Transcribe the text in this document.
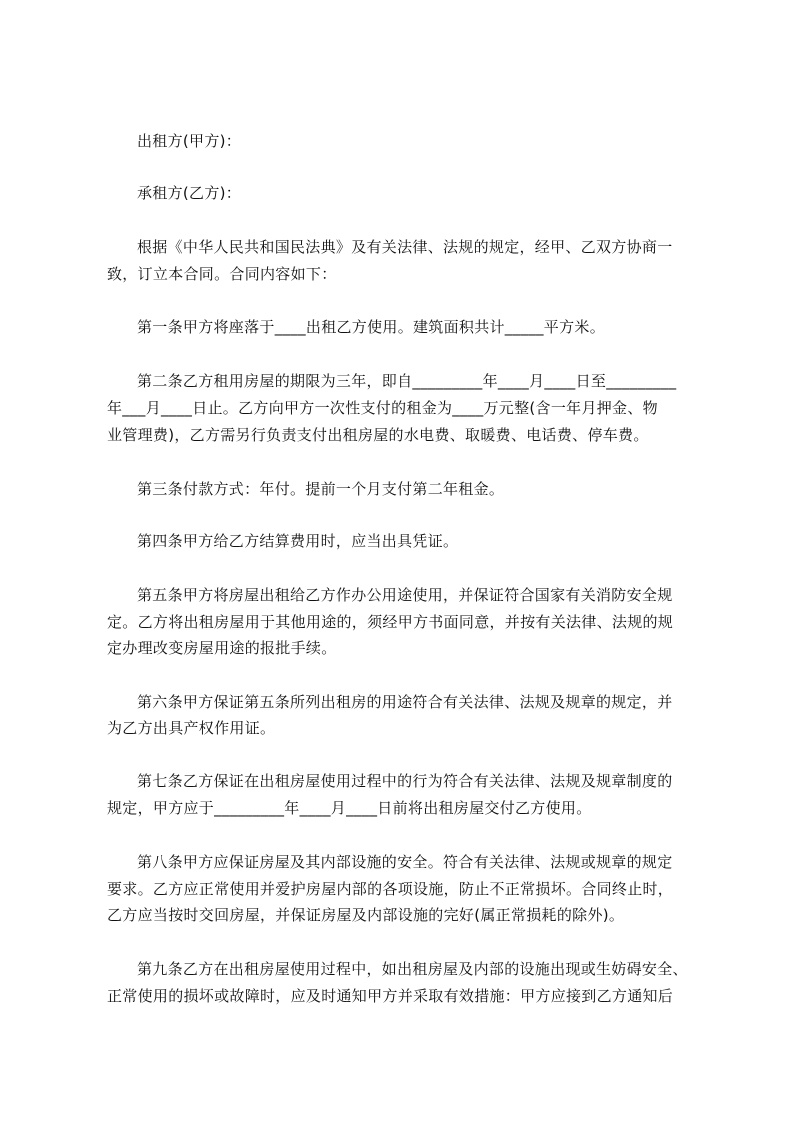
出租方(甲方)：
承租方(乙方)：
根据《中华人民共和国民法典》及有关法律、法规的规定，经甲、乙双方协商一
致，订立本合同。合同内容如下：
第一条甲方将座落于____出租乙方使用。建筑面积共计_____平方米。
第二条乙方租用房屋的期限为三年，即自_________年____月____日至_________
年___月____日止。乙方向甲方一次性支付的租金为____万元整(含一年月押金、物
业管理费)，乙方需另行负责支付出租房屋的水电费、取暖费、电话费、停车费。
第三条付款方式：年付。提前一个月支付第二年租金。
第四条甲方给乙方结算费用时，应当出具凭证。
第五条甲方将房屋出租给乙方作办公用途使用，并保证符合国家有关消防安全规
定。乙方将出租房屋用于其他用途的，须经甲方书面同意，并按有关法律、法规的规
定办理改变房屋用途的报批手续。
第六条甲方保证第五条所列出租房的用途符合有关法律、法规及规章的规定，并
为乙方出具产权作用证。
第七条乙方保证在出租房屋使用过程中的行为符合有关法律、法规及规章制度的
规定，甲方应于_________年____月____日前将出租房屋交付乙方使用。
第八条甲方应保证房屋及其内部设施的安全。符合有关法律、法规或规章的规定
要求。乙方应正常使用并爱护房屋内部的各项设施，防止不正常损坏。合同终止时，
乙方应当按时交回房屋，并保证房屋及内部设施的完好(属正常损耗的除外)。
第九条乙方在出租房屋使用过程中，如出租房屋及内部的设施出现或生妨碍安全、
正常使用的损坏或故障时，应及时通知甲方并采取有效措施：甲方应接到乙方通知后
